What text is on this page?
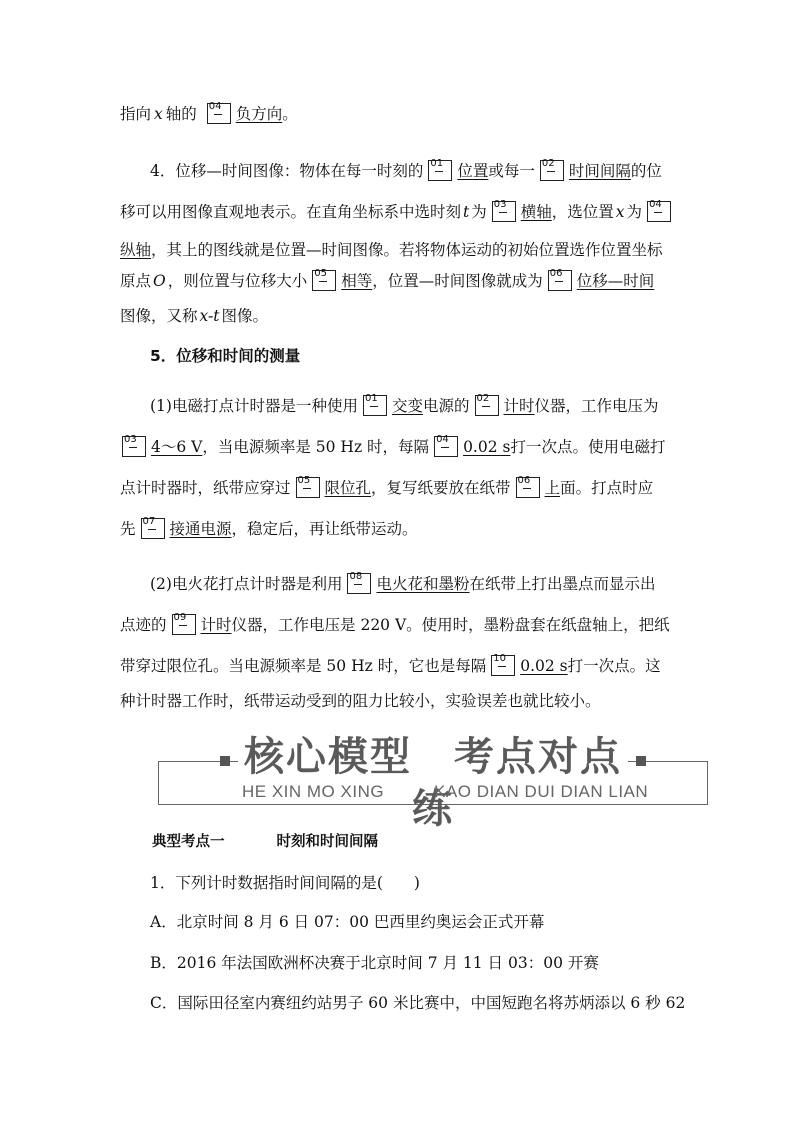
指向 x 轴的 04 负方向。
4．位移—时间图像：物体在每一时刻的 01 位置或每一 02 时间间隔的位
移可以用图像直观地表示。在直角坐标系中选时刻 t 为 03 横轴，选位置 x 为 04
纵轴，其上的图线就是位置—时间图像。若将物体运动的初始位置选作位置坐标
原点 O ，则位置与位移大小 05 相等，位置—时间图像就成为 06 位移—时间
图像，又称 x-t 图像。
5．位移和时间的测量
(1)电磁打点计时器是一种使用 01 交变电源的 02 计时仪器，工作电压为
03 4～6 V，当电源频率是 50 Hz 时，每隔 04 0.02 s打一次点。使用电磁打
点计时器时，纸带应穿过 05 限位孔，复写纸要放在纸带 06 上面。打点时应
先 07 接通电源，稳定后，再让纸带运动。
(2)电火花打点计时器是利用 08 电火花和墨粉在纸带上打出墨点而显示出
点迹的 09 计时仪器，工作电压是 220 V。使用时，墨粉盘套在纸盘轴上，把纸
带穿过限位孔。当电源频率是 50 Hz 时，它也是每隔 10 0.02 s打一次点。这
种计时器工作时，纸带运动受到的阻力比较小，实验误差也就比较小。
核心模型　考点对点练
HE XIN MO XING	KAO DIAN DUI DIAN LIAN
典型考点一	时刻和时间间隔
1．下列计时数据指时间间隔的是(　　)
A．北京时间 8 月 6 日 07：00 巴西里约奥运会正式开幕
B．2016 年法国欧洲杯决赛于北京时间 7 月 11 日 03：00 开赛
C．国际田径室内赛纽约站男子 60 米比赛中，中国短跑名将苏炳添以 6 秒 62
